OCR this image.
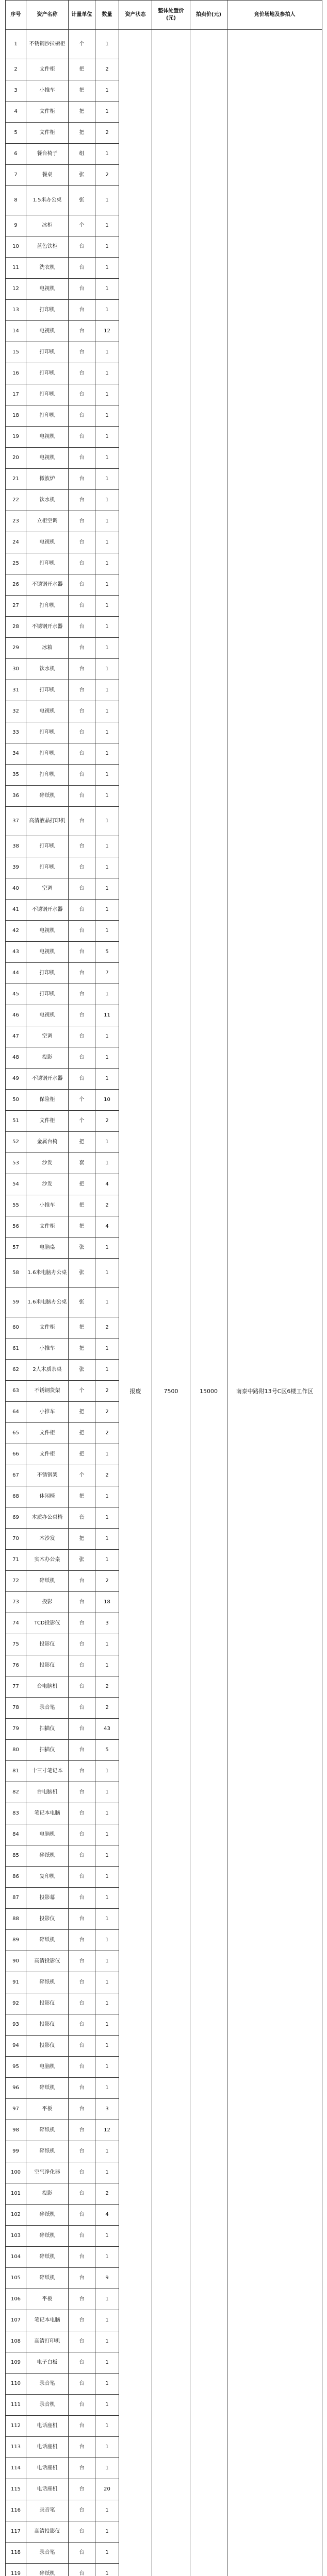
序号	资产名称	计量单位	数量	资产状态	整体处置价(元)	拍卖价(元)	竞价场地及参拍人
1	不锈钢沙拉橱柜	个	1	报废	7500	15000	南泰中路附13号C区6楼工作区
2	文件柜	把	2				
3	小推车	把	1				
4	文件柜	把	1				
5	文件柜	把	2				
6	餐台椅子	组	1				
7	餐桌	张	2				
8	1.5米办公桌	张	1				
9	冰柜	个	1				
10	蓝色铁柜	台	1				
11	洗衣机	台	1				
12	电视机	台	1				
13	打印机	台	1				
14	电视机	台	12				
15	打印机	台	1				
16	打印机	台	1				
17	打印机	台	1				
18	打印机	台	1				
19	电视机	台	1				
20	电视机	台	1				
21	微波炉	台	1				
22	饮水机	台	1				
23	立柜空调	台	1				
24	电视机	台	1				
25	打印机	台	1				
26	不锈钢开水器	台	1				
27	打印机	台	1				
28	不锈钢开水器	台	1				
29	冰箱	台	1				
30	饮水机	台	1				
31	打印机	台	1				
32	电视机	台	1				
33	打印机	台	1				
34	打印机	台	1				
35	打印机	台	1				
36	碎纸机	台	1				
37	高清液晶打印机	台	1				
38	打印机	台	1				
39	打印机	台	1				
40	空调	台	1				
41	不锈钢开水器	台	1				
42	电视机	台	1				
43	电视机	台	5				
44	打印机	台	7				
45	打印机	台	1				
46	电视机	台	11				
47	空调	台	1				
48	投影	台	1				
49	不锈钢开水器	台	1				
50	保险柜	个	10				
51	文件柜	个	2				
52	金属台椅	把	1				
53	沙发	套	1				
54	沙发	把	4				
55	小推车	把	2				
56	文件柜	把	4				
57	电脑桌	张	1				
58	1.6米电脑办公桌	张	1				
59	1.6米电脑办公桌	张	1				
60	文件柜	把	2				
61	小推车	把	1				
62	2人木质茶桌	张	1				
63	不锈钢货架	个	2				
64	小推车	把	2				
65	文件柜	把	2				
66	文件柜	把	1				
67	不锈钢架	个	2				
68	休闲椅	把	1				
69	木质办公桌椅	套	1				
70	木沙发	把	1				
71	实木办公桌	张	1				
72	碎纸机	台	2				
73	投影	台	18				
74	TCD投影仪	台	3				
75	投影仪	台	1				
76	投影仪	台	1				
77	台电脑机	台	2				
78	录音笔	台	2				
79	扫描仪	台	43				
80	扫描仪	台	5				
81	十三寸笔记本	台	1				
82	台电脑机	台	1				
83	笔记本电脑	台	1				
84	电脑机	台	1				
85	碎纸机	台	1				
86	复印机	台	1				
87	投影幕	台	1				
88	投影仪	台	1				
89	碎纸机	台	1				
90	高清投影仪	台	1				
91	碎纸机	台	1				
92	投影仪	台	1				
93	投影仪	台	1				
94	投影仪	台	1				
95	电脑机	台	1				
96	碎纸机	台	1				
97	平板	台	3				
98	碎纸机	台	12				
99	碎纸机	台	1				
100	空气净化器	台	1				
101	投影	台	2				
102	碎纸机	台	4				
103	碎纸机	台	1				
104	碎纸机	台	1				
105	碎纸机	台	9				
106	平板	台	1				
107	笔记本电脑	台	1				
108	高清打印机	台	1				
109	电子白板	台	1				
110	录音笔	台	1				
111	录音机	台	1				
112	电话座机	台	1				
113	电话座机	台	1				
114	电话座机	台	1				
115	电话座机	台	20				
116	录音笔	台	1				
117	高清投影仪	台	1				
118	录音笔	台	1				
119	碎纸机	台	1				
